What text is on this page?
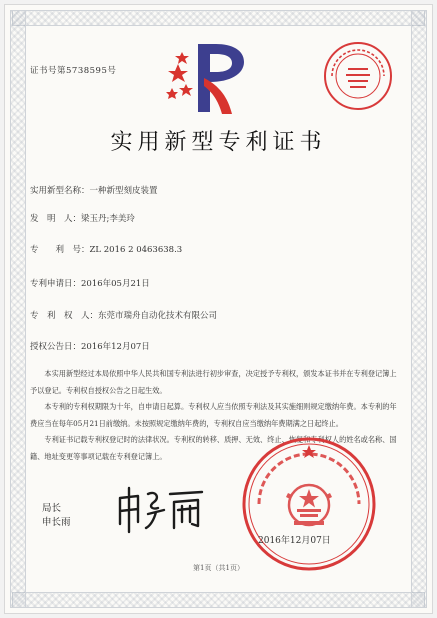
证书号第5738595号
实用新型专利证书
实用新型名称：一种新型刻皮装置
发　明　人：梁玉丹;李美玲
专　　利　号：ZL 2016 2 0463638.3
专利申请日：2016年05月21日
专　利　权　人：东莞市瑞舟自动化技术有限公司
授权公告日：2016年12月07日

本实用新型经过本局依照中华人民共和国专利法进行初步审查，决定授予专利权，颁发本证书并在专利登记簿上予以登记。专利权自授权公告之日起生效。

本专利的专利权期限为十年，自申请日起算。专利权人应当依照专利法及其实施细则规定缴纳年费。本专利的年费应当在每年05月21日前缴纳。未按照规定缴纳年费的，专利权自应当缴纳年费期满之日起终止。

专利证书记载专利权登记时的法律状况。专利权的转移、质押、无效、终止、恢复和专利权人的姓名或名称、国籍、地址变更等事项记载在专利登记簿上。

局长
申长雨
2016年12月07日
第1页（共1页）
